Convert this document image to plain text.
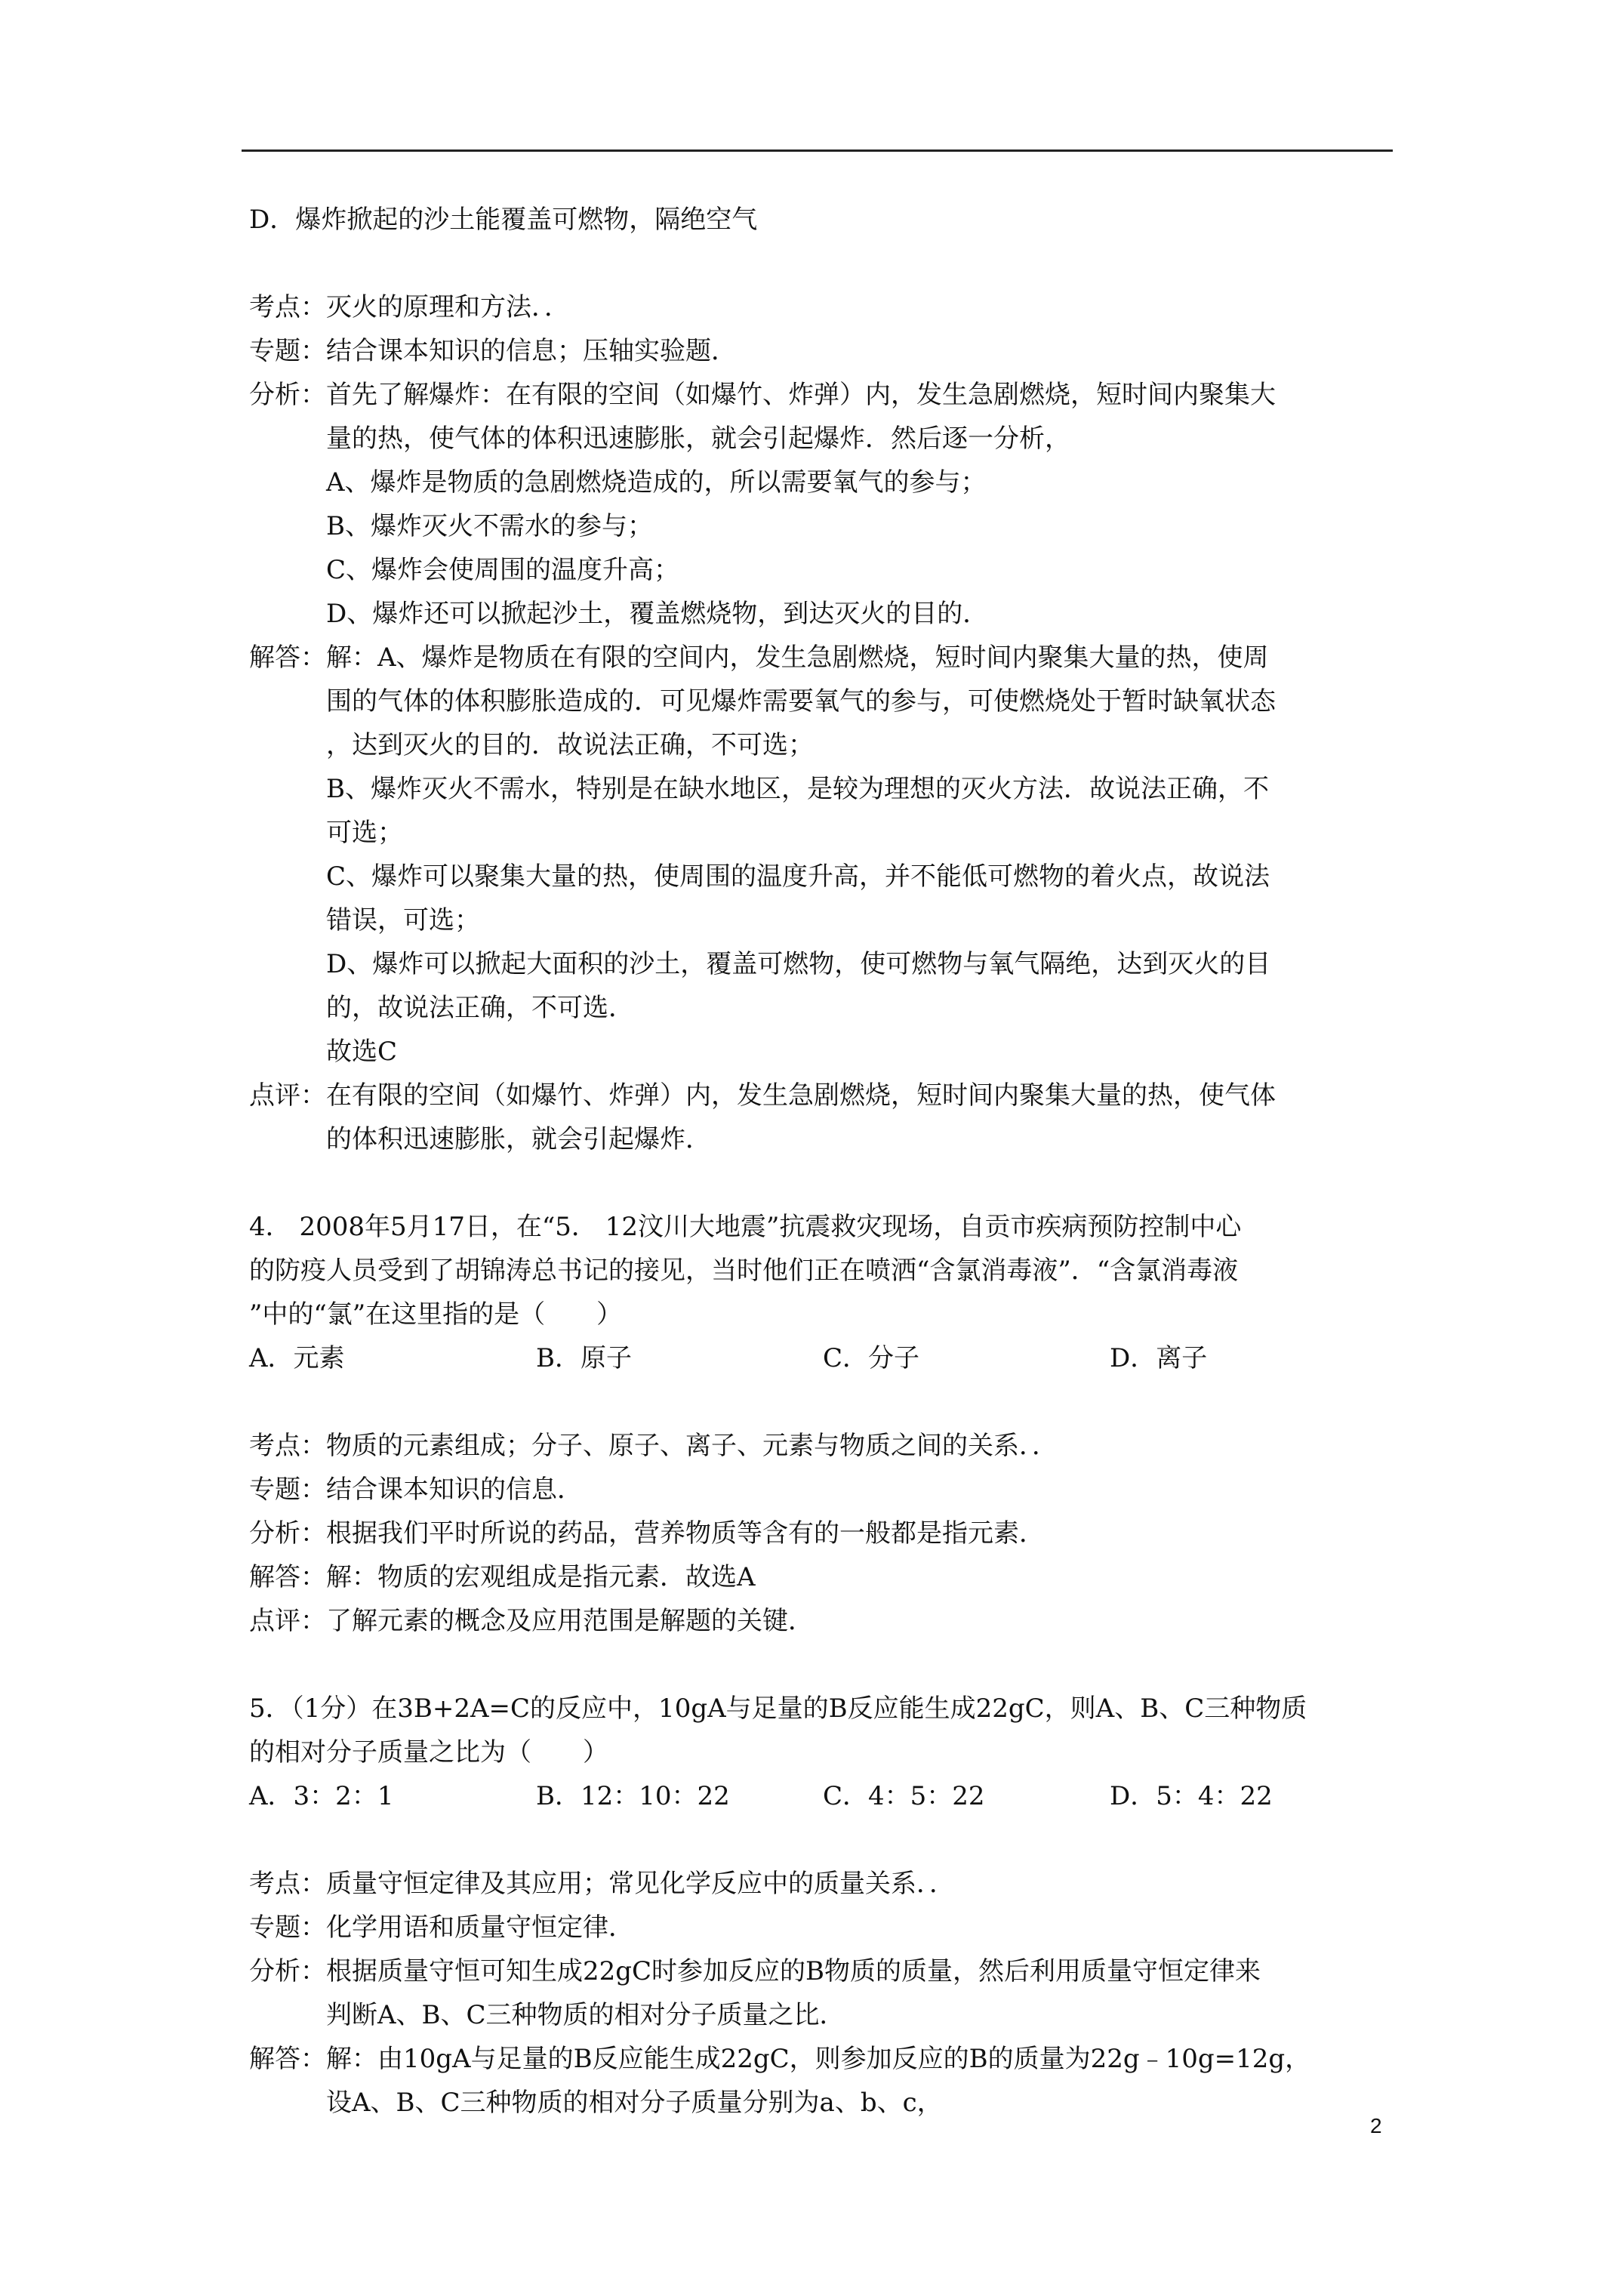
D．爆炸掀起的沙土能覆盖可燃物，隔绝空气
考点： 灭火的原理和方法．．
专题： 结合课本知识的信息；压轴实验题．
分析： 首先了解爆炸：在有限的空间（如爆竹、炸弹）内，发生急剧燃烧，短时间内聚集大
量的热，使气体的体积迅速膨胀，就会引起爆炸．然后逐一分析，
A、爆炸是物质的急剧燃烧造成的，所以需要氧气的参与；
B、爆炸灭火不需水的参与；
C、爆炸会使周围的温度升高；
D、爆炸还可以掀起沙土，覆盖燃烧物，到达灭火的目的．
解答： 解：A、爆炸是物质在有限的空间内，发生急剧燃烧，短时间内聚集大量的热，使周
围的气体的体积膨胀造成的．可见爆炸需要氧气的参与，可使燃烧处于暂时缺氧状态
，达到灭火的目的．故说法正确，不可选；
B、爆炸灭火不需水，特别是在缺水地区，是较为理想的灭火方法．故说法正确，不
可选；
C、爆炸可以聚集大量的热，使周围的温度升高，并不能低可燃物的着火点，故说法
错误，可选；
D、爆炸可以掀起大面积的沙土，覆盖可燃物，使可燃物与氧气隔绝，达到灭火的目
的，故说法正确，不可选．
故选C
点评： 在有限的空间（如爆竹、炸弹）内，发生急剧燃烧，短时间内聚集大量的热，使气体
的体积迅速膨胀，就会引起爆炸．
4． 2008年5月17日，在“5． 12汶川大地震”抗震救灾现场，自贡市疾病预防控制中心
的防疫人员受到了胡锦涛总书记的接见，当时他们正在喷洒“含氯消毒液”．“含氯消毒液
”中的“氯”在这里指的是（　　）
A．元素	B．原子	C．分子	D．离子
考点： 物质的元素组成；分子、原子、离子、元素与物质之间的关系．．
专题： 结合课本知识的信息．
分析： 根据我们平时所说的药品，营养物质等含有的一般都是指元素．
解答： 解：物质的宏观组成是指元素．故选A
点评： 了解元素的概念及应用范围是解题的关键．
5．（1分）在3B+2A=C的反应中，10gA与足量的B反应能生成22gC，则A、B、C三种物质
的相对分子质量之比为（　　）
A．3：2：1	B．12：10：22	C．4：5：22	D．5：4：22
考点： 质量守恒定律及其应用；常见化学反应中的质量关系．．
专题： 化学用语和质量守恒定律．
分析： 根据质量守恒可知生成22gC时参加反应的B物质的质量，然后利用质量守恒定律来
判断A、B、C三种物质的相对分子质量之比．
解答： 解：由10gA与足量的B反应能生成22gC，则参加反应的B的质量为22g﹣10g=12g，
设A、B、C三种物质的相对分子质量分别为a、b、c，
2
